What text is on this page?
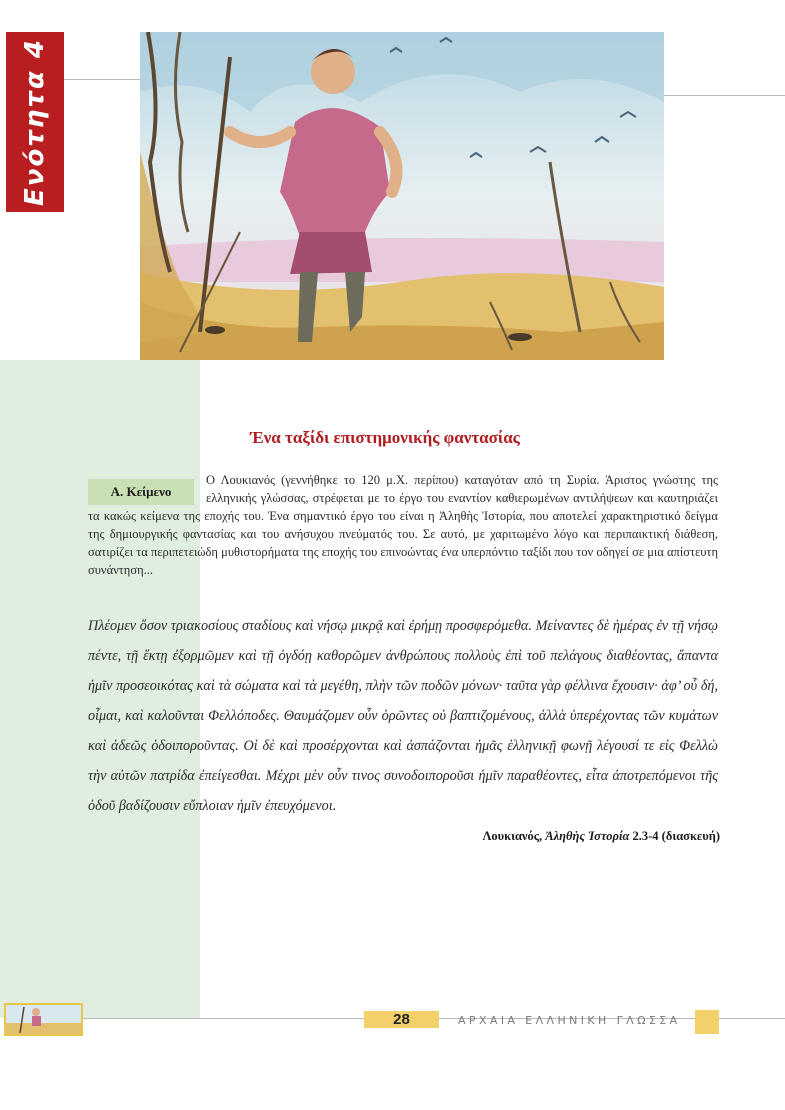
Ενότητα 4
Ένα ταξίδι επιστημονικής φαντασίας
Ο Λουκιανός (γεννήθηκε το 120 μ.Χ. περίπου) καταγόταν από τη Συρία. Άριστος γνώστης της ελληνικής γλώσσας, στρέφεται με το έργο του εναντίον καθιερωμένων αντιλήψεων και καυτηριάζει τα κακώς κείμενα της εποχής του. Ένα σημαντικό έργο του είναι η Ἀληθὴς Ἱστορία, που αποτελεί χαρακτηριστικό δείγμα της δημιουργικής φαντασίας και του ανήσυχου πνεύματός του. Σε αυτό, με χαριτωμένο λόγο και περιπαικτική διάθεση, σατιρίζει τα περιπετειώδη μυθιστορήματα της εποχής του επινοώντας ένα υπερπόντιο ταξίδι που τον οδηγεί σε μια απίστευτη συνάντηση...
Α. Κείμενο
Πλέομεν ὅσον τριακοσίους σταδίους καὶ νήσῳ μικρᾷ καὶ ἐρήμῃ προσφερόμεθα. Μείναντες δὲ ἡμέρας ἐν τῇ νήσῳ πέντε, τῇ ἕκτῃ ἐξορμῶμεν καὶ τῇ ὀγδόῃ καθορῶμεν ἀνθρώπους πολλοὺς ἐπὶ τοῦ πελάγους διαθέοντας, ἅπαντα ἡμῖν προσεοικότας καὶ τὰ σώματα καὶ τὰ μεγέθη, πλὴν τῶν ποδῶν μόνων· ταῦτα γὰρ φέλλινα ἔχουσιν· ἀφ’ οὗ δή, οἶμαι, καὶ καλοῦνται Φελλόποδες. Θαυμάζομεν οὖν ὁρῶντες οὐ βαπτιζομένους, ἀλλὰ ὑπερέχοντας τῶν κυμάτων καὶ ἀδεῶς ὁδοιποροῦντας. Οἱ δὲ καὶ προσέρχονται καὶ ἀσπάζονται ἡμᾶς ἑλληνικῇ φωνῇ λέγουσί τε εἰς Φελλὼ τὴν αὐτῶν πατρίδα ἐπείγεσθαι. Μέχρι μὲν οὖν τινος συνοδοιποροῦσι ἡμῖν παραθέοντες, εἶτα ἀποτρεπόμενοι τῆς ὁδοῦ βαδίζουσιν εὔπλοιαν ἡμῖν ἐπευχόμενοι.
Λουκιανός, Ἀληθὴς Ἱστορία 2.3-4 (διασκευή)
28	ΑΡΧΑΙΑ ΕΛΛΗΝΙΚΗ ΓΛΩΣΣΑ
